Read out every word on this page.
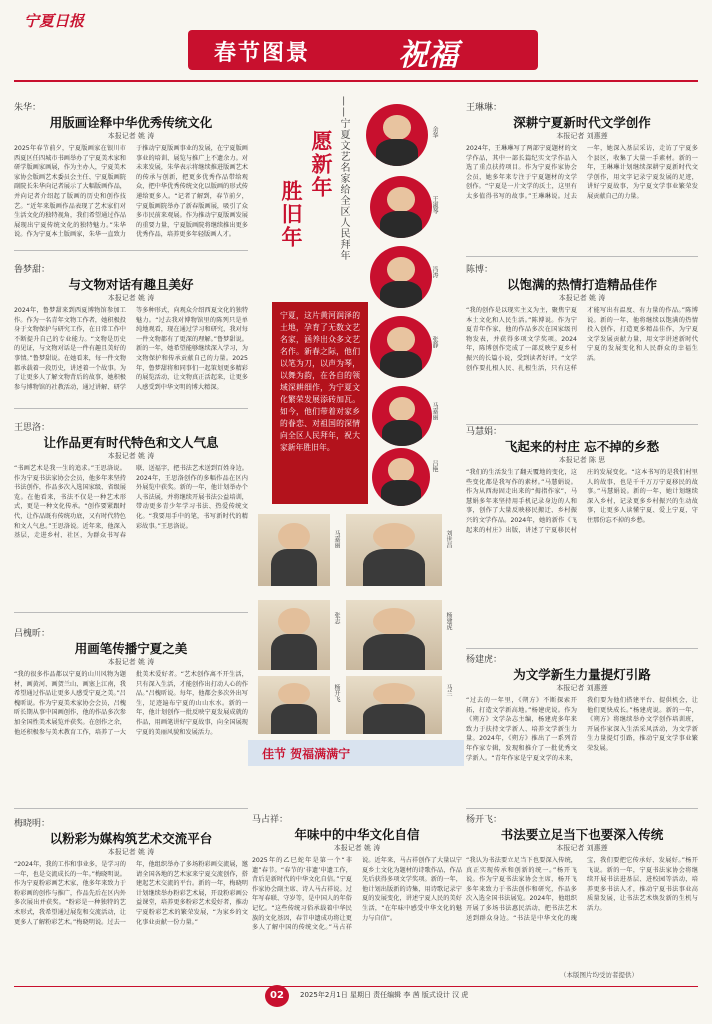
宁夏日报
春节图景	祝福
朱华：
用版画诠释中华优秀传统文化
本报记者 姚 涛
2025年春节前夕，宁夏版画家在银川市西夏区任四城市书画举办了宁夏美术家和研学版画家画展，作为主办人，宁夏美术家协会版画艺术委员会主任、宁夏版画院副院长朱华向记者展示了大幅版画作品，并向记者介绍起了版画的历史和创作技艺。“近年来版画作品表现了艺术家们对生活文化的独特视角，我们希望通过作品展现出宁夏传统文化的独特魅力。”朱华说。作为宁夏本土版画家，朱华一直致力于推动宁夏版画事业的发展，在宁夏版画事业的培训、展览与推广上不遗余力。对未来发展，朱华表示将继续推进版画艺术的传承与创新，把更多优秀作品带给观众，把中华优秀传统文化以版画的形式传递给更多人。“记者了解到，春节前夕，宁夏版画院举办了新春版画展，吸引了众多市民前来观展。作为推动宁夏版画发展的重要力量，宁夏版画院将继续推出更多优秀作品，培养更多年轻版画人才。
鲁梦甜：
与文物对话有趣且美好
本报记者 姚 涛
2024年，鲁梦甜来到西夏博物馆参加工作。作为一名青年文物工作者，她积极投身于文物保护与研究工作，在日常工作中不断提升自己的专业能力。“文物是历史的见证，与文物对话是一件有趣且美好的事情。”鲁梦甜说。在她看来，每一件文物都承载着一段历史，讲述着一个故事。为了让更多人了解文物背后的故事，她积极参与博物馆的社教活动，通过讲解、研学等多种形式，向观众介绍西夏文化的独特魅力。“过去我对博物馆里的陈列只是单纯地观看，现在通过学习和研究，我对每一件文物都有了更深的理解。”鲁梦甜说。新的一年，她希望能够继续深入学习，为文物保护和传承贡献自己的力量。2025年，鲁梦甜将和同事们一起策划更多精彩的展览活动，让文物真正活起来，让更多人感受到中华文明的博大精深。
王思洛：
让作品更有时代特色和文人气息
本报记者 姚 涛
“书画艺术是我一生的追求。”王思洛说。作为宁夏书法家协会会员，他多年来坚持书法创作，作品多次入选国家级、省级展览。在他看来，书法不仅是一种艺术形式，更是一种文化传承。“创作要紧跟时代，让作品既有传统功底，又有时代特色和文人气息。”王思洛说。近年来，他深入基层，走进乡村、社区，为群众书写春联、送福字，把书法艺术送到百姓身边。2024年，王思洛创作的多幅作品在区内外展览中获奖。新的一年，他计划举办个人书法展，并将继续开展书法公益培训，带动更多青少年学习书法、热爱传统文化。“我要用手中的笔，书写新时代的精彩故事。”王思洛说。
吕槐昕：
用画笔传播宁夏之美
本报记者 姚 涛
“我的很多作品都以宁夏的山川风物为题材，画黄河、画贺兰山、画塞上江南，我希望通过作品让更多人感受宁夏之美。”吕槐昕说。作为宁夏美术家协会会员，吕槐昕长期从事中国画创作，他的作品多次参加全国性美术展览并获奖。在创作之余，他还积极参与美术教育工作，培养了一大批美术爱好者。“艺术创作离不开生活，只有深入生活，才能创作出打动人心的作品。”吕槐昕说。每年，他都会多次外出写生，足迹遍布宁夏的山山水水。新的一年，他计划创作一批反映宁夏发展成就的作品，用画笔讲好宁夏故事，向全国展现宁夏的美丽风貌和发展活力。
梅晓明：
以粉彩为媒构筑艺术交流平台
本报记者 姚 涛
“2024年，我的工作和事业多，是学习的一年，也是交流成长的一年。”梅晓明说。作为宁夏粉彩画艺术家，他多年来致力于粉彩画的创作与推广，作品先后在区内外多次展出并获奖。“粉彩是一种独特的艺术形式，我希望通过展览和交流活动，让更多人了解粉彩艺术。”梅晓明说。过去一年，他组织举办了多场粉彩画交流展，邀请全国各地的艺术家来宁夏交流创作，搭建起艺术交流的平台。新的一年，梅晓明计划继续举办粉彩艺术展，开设粉彩画公益课堂，培养更多粉彩艺术爱好者，推动宁夏粉彩艺术的繁荣发展，“为家乡的文化事业贡献一份力量。”
愿新年
胜旧年	——宁夏文艺名家给全区人民拜年
宁夏，这片黄河润泽的土地，孕育了无数文艺名家，涵养出众多文艺名作。新春之际，他们以笔为刀，以声为琴，以舞为韵，在各自的领域深耕细作，为宁夏文化繁荣发展添砖加瓦。如今，他们带着对家乡的眷恋、对祖国的深情向全区人民拜年，祝大家新年胜旧年。
余华
王淑琴
冯涛
张静
马嘉丽
吕艳
马嘉丽	刘世昌
张志	杨建虎
杨开飞	马兰
佳节 贺福满满宁
马占祥：
年味中的中华文化自信
本报记者 姚 涛
2025年的乙巳蛇年是第一个“非遗”春节。“春节的‘非遗’申遗工作，背后是新时代的中华文化自信。”宁夏作家协会副主席、诗人马占祥说。过年写春联、守岁等，是中国人的年俗记忆。“这些传统习俗承载着中华民族的文化基因，春节申遗成功将让更多人了解中国的传统文化。”马占祥说。近年来，马占祥创作了大量以宁夏乡土文化为题材的诗歌作品，作品先后获得多项文学奖项。新的一年，他计划出版新的诗集，用诗歌记录宁夏的发展变化，讲述宁夏人民的美好生活，“在年味中感受中华文化的魅力与自信”。
王琳琳：
深耕宁夏新时代文学创作
本报记者 刘惠莲
2024年，王琳琳写了两部宁夏题材的文学作品，其中一部长篇纪实文学作品入选了重点扶持项目。作为宁夏作家协会会员，她多年来专注于宁夏题材的文学创作。“宁夏是一片文学的沃土，这里有太多值得书写的故事。”王琳琳说。过去一年，她深入基层采访，走访了宁夏多个县区，收集了大量一手素材。新的一年，王琳琳计划继续深耕宁夏新时代文学创作，用文字记录宁夏发展的足迹，讲好宁夏故事，为宁夏文学事业繁荣发展贡献自己的力量。
陈博：
以饱满的热情打造精品佳作
本报记者 姚 涛
“我的创作是以现实主义为主，聚焦宁夏本土文化和人民生活。”陈博说。作为宁夏青年作家，他的作品多次在国家级刊物发表，并获得多项文学奖项。2024年，陈博创作完成了一部反映宁夏乡村振兴的长篇小说，受到读者好评。“文学创作要扎根人民、扎根生活，只有这样才能写出有温度、有力量的作品。”陈博说。新的一年，他将继续以饱满的热情投入创作，打造更多精品佳作，为宁夏文学发展贡献力量，用文字讲述新时代宁夏的发展变化和人民群众的幸福生活。
马慧娟：
飞起来的村庄 忘不掉的乡愁
本报记者 陈 思
“我们的生活发生了翻天覆地的变化，这些变化都是我写作的素材。”马慧娟说。作为从西海固走出来的“拇指作家”，马慧娟多年来坚持用手机记录身边的人和事，创作了大量反映移民搬迁、乡村振兴的文学作品。2024年，她的新作《飞起来的村庄》出版，讲述了宁夏移民村庄的发展变化。“这本书写的是我们村里人的故事，也是千千万万宁夏移民的故事。”马慧娟说。新的一年，她计划继续深入乡村，记录更多乡村振兴的生动故事，让更多人读懂宁夏、爱上宁夏，守住那份忘不掉的乡愁。
杨建虎：
为文学新生力量提灯引路
本报记者 刘惠莲
“过去的一年里，《朔方》不断探索开拓，打造文学新高地。”杨建虎说。作为《朔方》文学杂志主编，杨建虎多年来致力于扶持文学新人、培养文学新生力量。2024年，《朔方》推出了一系列青年作家专辑，发现和推介了一批优秀文学新人。“青年作家是宁夏文学的未来，我们要为他们搭建平台、提供机会，让他们更快成长。”杨建虎说。新的一年，《朔方》将继续举办文学创作培训班，开展作家深入生活采风活动，为文学新生力量提灯引路，推动宁夏文学事业繁荣发展。
杨开飞：
书法要立足当下也要深入传统
本报记者 刘惠莲
“我认为书法要立足当下也要深入传统，真正实现传承和创新的统一。”杨开飞说。作为宁夏书法家协会主席，杨开飞多年来致力于书法创作和研究，作品多次入选全国书法展览。2024年，他组织开展了多场书法惠民活动，把书法艺术送到群众身边。“书法是中华文化的瑰宝，我们要把它传承好、发展好。”杨开飞说。新的一年，宁夏书法家协会将继续开展书法进基层、进校园等活动，培养更多书法人才，推动宁夏书法事业高质量发展，让书法艺术焕发新的生机与活力。
（本版图片均受访者提供）
02	2025年2月1日 星期日 责任编辑 李 茜 版式设计 汉 虎
